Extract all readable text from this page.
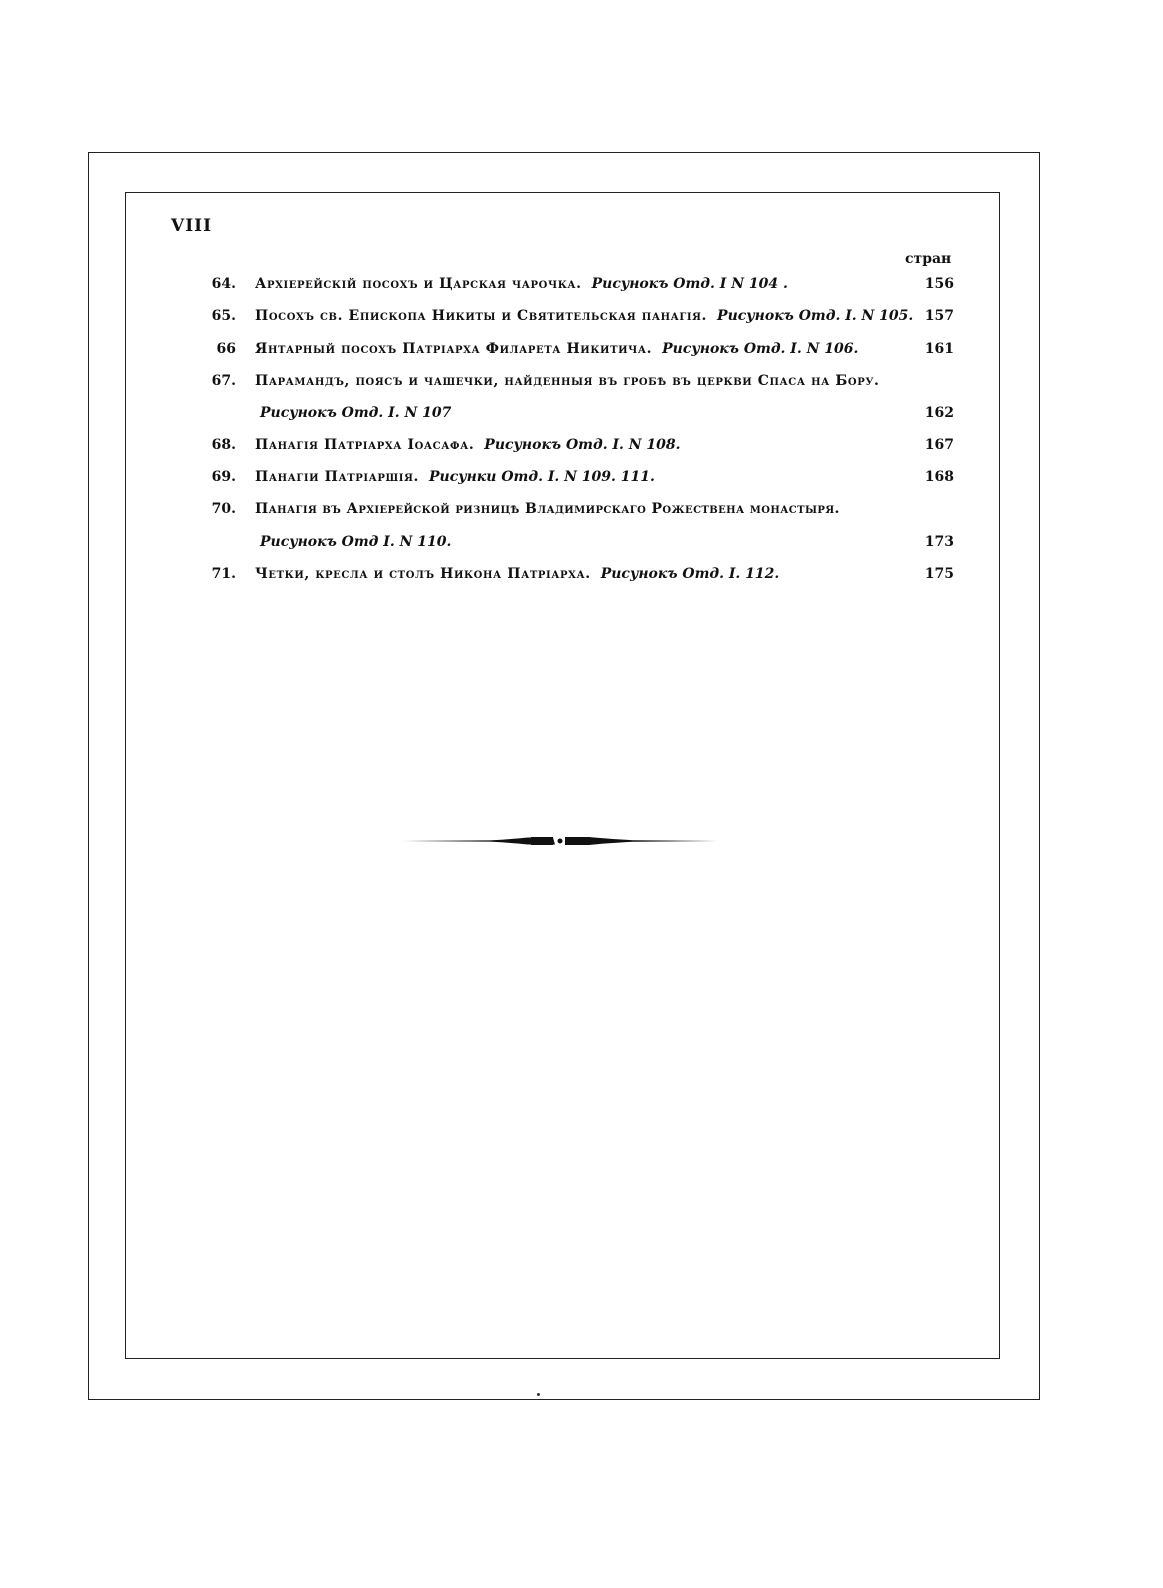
VIII
стран
64. Архiерейскiй посохъ и Царская чарочка. Рисунокъ Отд. I N 104 .	156
65. Посохъ св. Епископа Никиты и Святительская панагiя. Рисунокъ Отд. I. N 105. 157
66 Янтарный посохъ Патрiарха Филарета Никитича. Рисунокъ Отд. I. N 106.	161
67. Парамандъ, поясъ и чашечки, найденныя въ гробѣ въ церкви Спаса на Бору.
Рисунокъ Отд. I. N 107	162
68. Панагiя Патрiарха Iоасафа. Рисунокъ Отд. I. N 108.	167
69. Панагiи Патрiаршiя. Рисунки Отд. I. N 109. 111.	168
70. Панагiя въ Архiерейской ризницѣ Владимирскаго Рожествена монастыря.
Рисунокъ Отд I. N 110.	173
71. Четки, кресла и столъ Никона Патрiарха. Рисунокъ Отд. I. 112.	175
